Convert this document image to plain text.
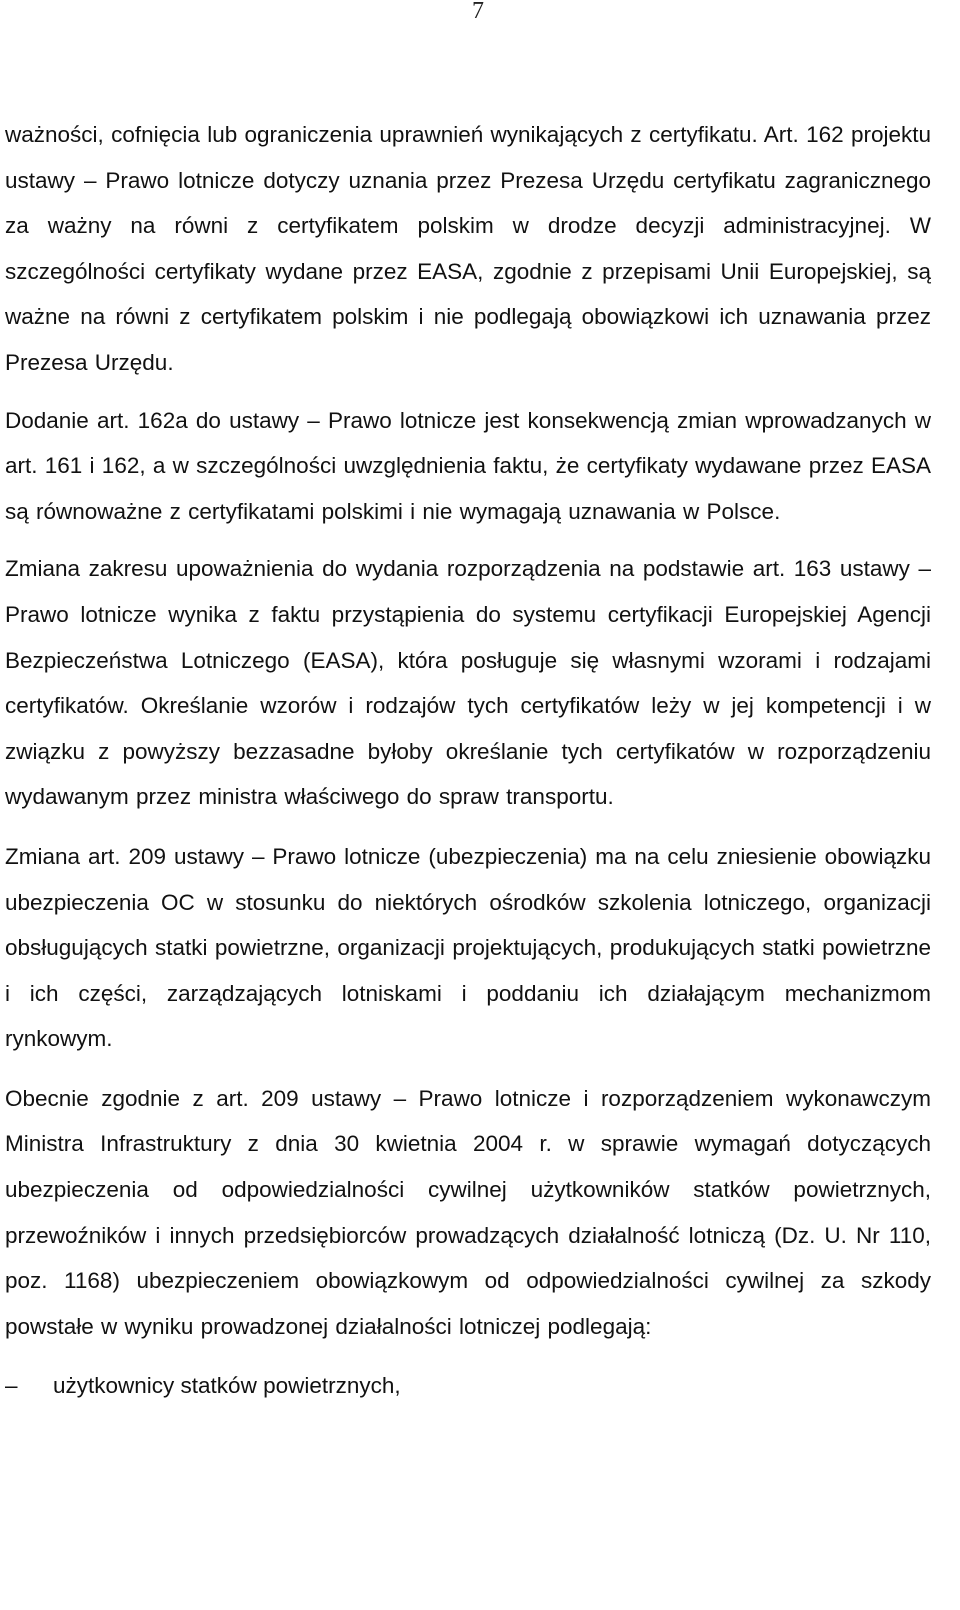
7

ważności, cofnięcia lub ograniczenia uprawnień wynikających z certyfikatu. Art. 162 projektu ustawy – Prawo lotnicze dotyczy uznania przez Prezesa Urzędu certyfikatu zagranicznego za ważny na równi z certyfikatem polskim w drodze decyzji administracyjnej. W szczególności certyfikaty wydane przez EASA, zgodnie z przepisami Unii Europejskiej, są ważne na równi z certyfikatem polskim i nie podlegają obowiązkowi ich uznawania przez Prezesa Urzędu.

Dodanie art. 162a do ustawy – Prawo lotnicze jest konsekwencją zmian wprowadzanych w art. 161 i 162, a w szczególności uwzględnienia faktu, że certyfikaty wydawane przez EASA są równoważne z certyfikatami polskimi i nie wymagają uznawania w Polsce.

Zmiana zakresu upoważnienia do wydania rozporządzenia na podstawie art. 163 ustawy – Prawo lotnicze wynika z faktu przystąpienia do systemu certyfikacji Europejskiej Agencji Bezpieczeństwa Lotniczego (EASA), która posługuje się własnymi wzorami i rodzajami certyfikatów. Określanie wzorów i rodzajów tych certyfikatów leży w jej kompetencji i w związku z powyższy bezzasadne byłoby określanie tych certyfikatów w rozporządzeniu wydawanym przez ministra właściwego do spraw transportu.

Zmiana art. 209 ustawy – Prawo lotnicze (ubezpieczenia) ma na celu zniesienie obowiązku ubezpieczenia OC w stosunku do niektórych ośrodków szkolenia lotniczego, organizacji obsługujących statki powietrzne, organizacji projektujących, produkujących statki powietrzne i ich części, zarządzających lotniskami i poddaniu ich działającym mechanizmom rynkowym.

Obecnie zgodnie z art. 209 ustawy – Prawo lotnicze i rozporządzeniem wykonawczym Ministra Infrastruktury z dnia 30 kwietnia 2004 r. w sprawie wymagań dotyczących ubezpieczenia od odpowiedzialności cywilnej użytkowników statków powietrznych, przewoźników i innych przedsiębiorców prowadzących działalność lotniczą (Dz. U. Nr 110, poz. 1168) ubezpieczeniem obowiązkowym od odpowiedzialności cywilnej za szkody powstałe w wyniku prowadzonej działalności lotniczej podlegają:

–	użytkownicy statków powietrznych,
